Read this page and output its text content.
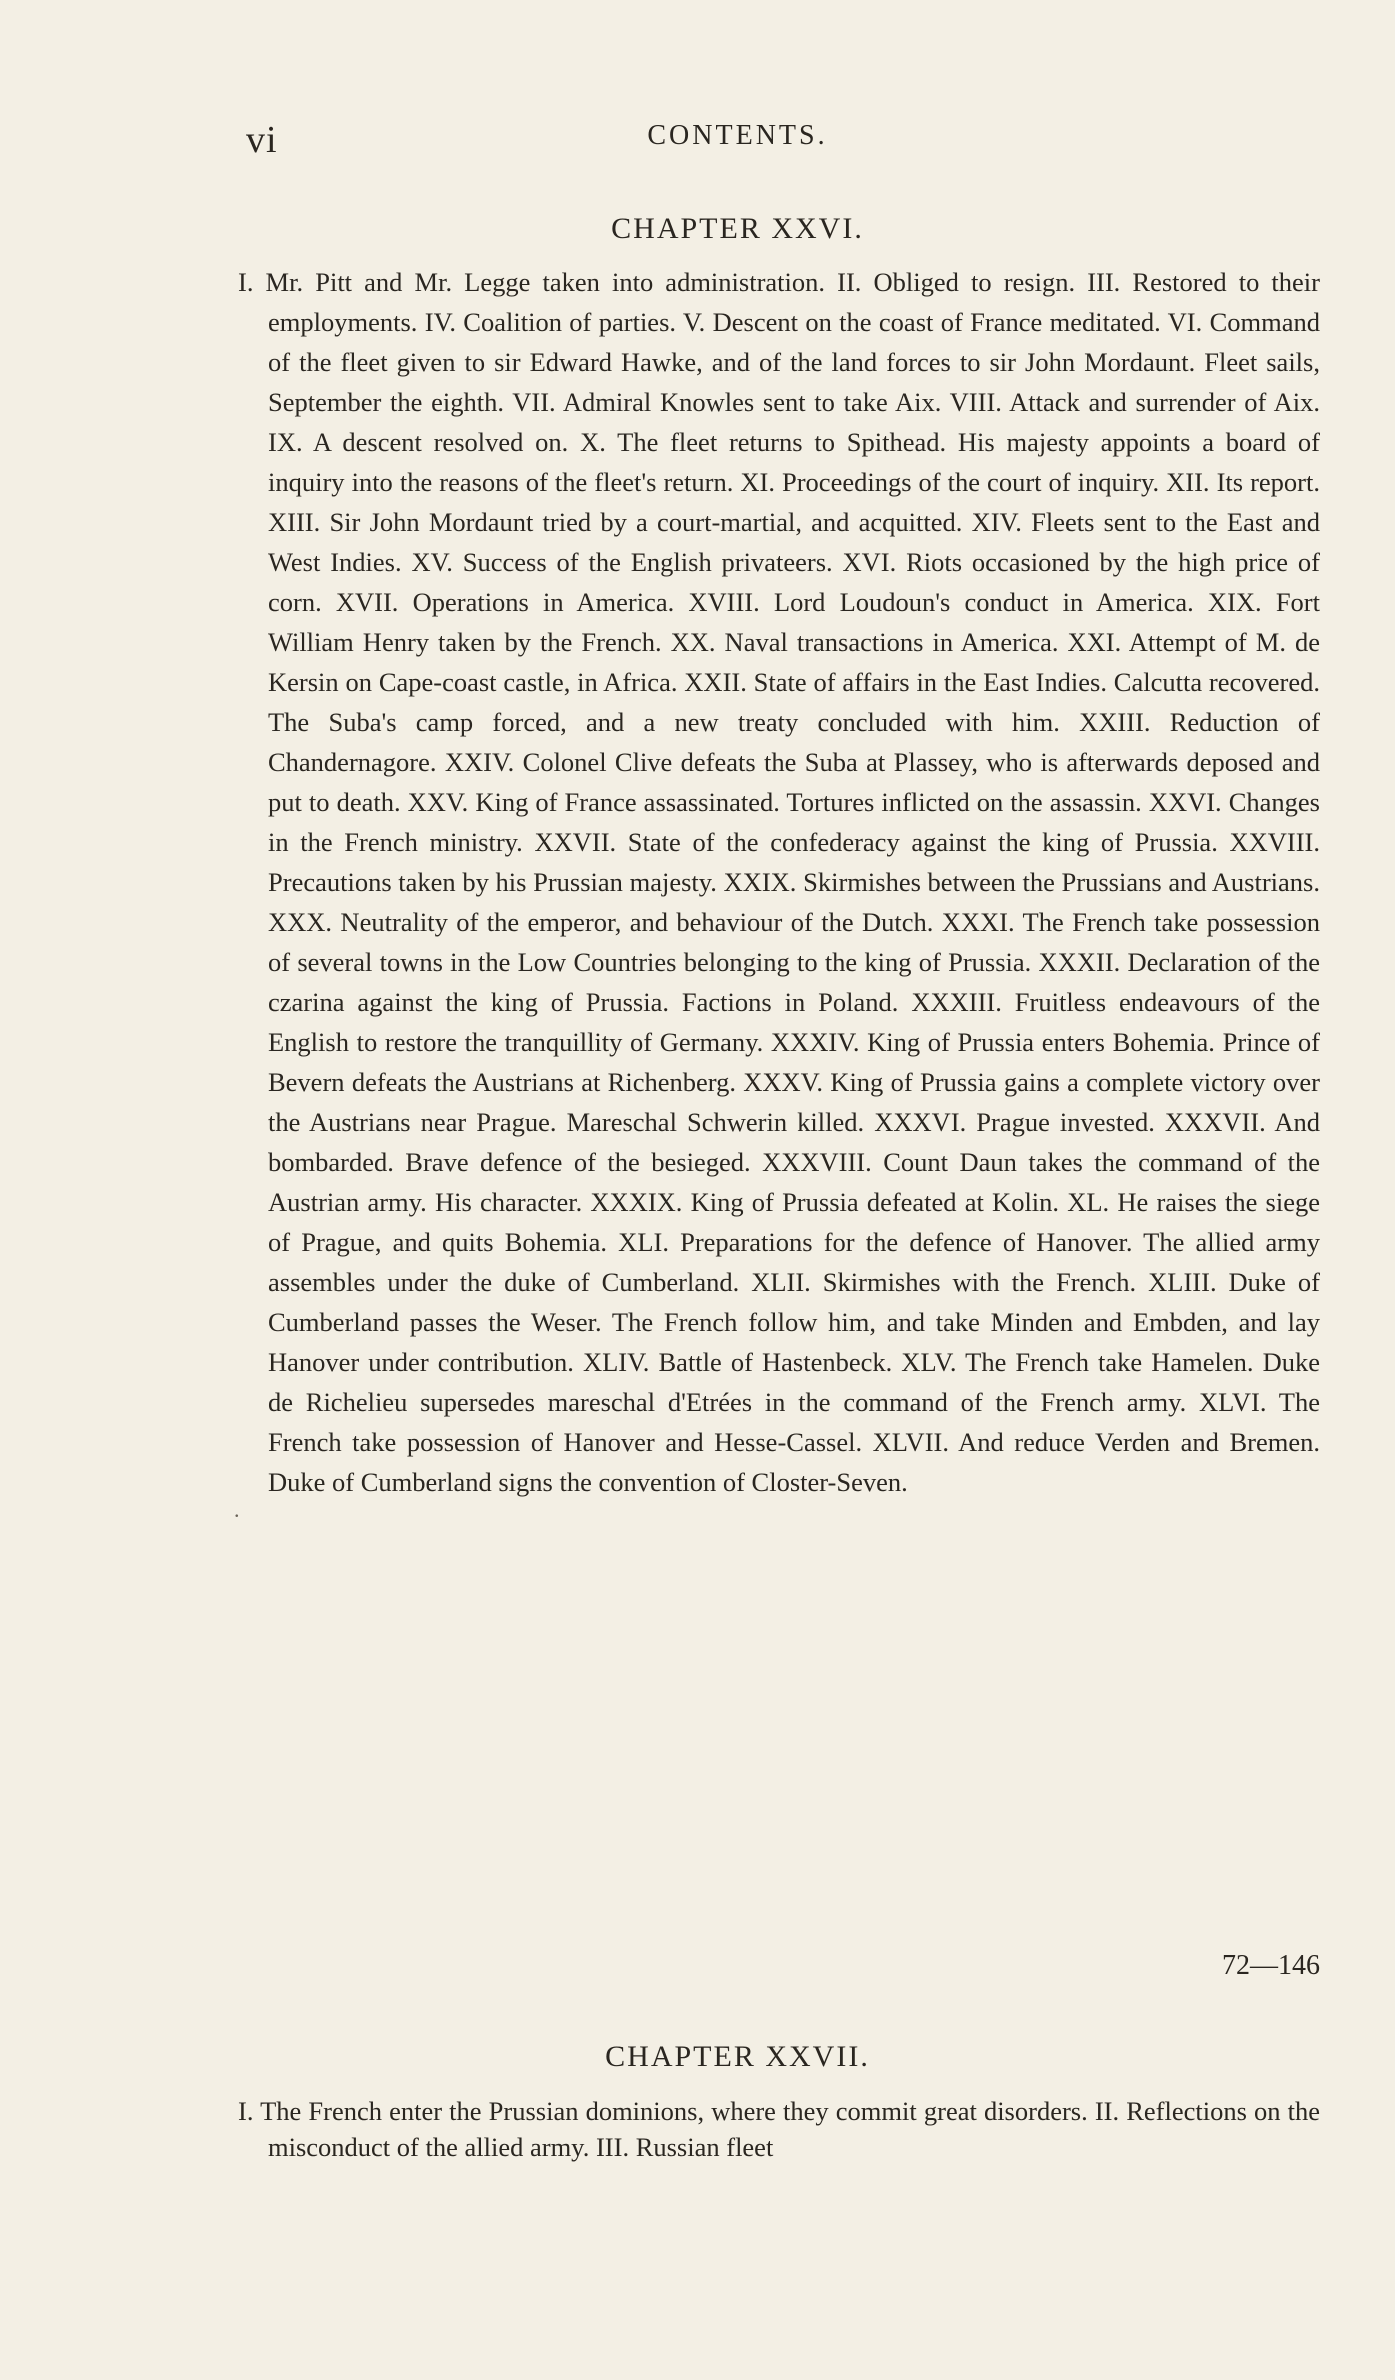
vi	CONTENTS.
CHAPTER XXVI.

I. Mr. Pitt and Mr. Legge taken into administration. II. Obliged to resign. III. Restored to their employments. IV. Coalition of parties. V. Descent on the coast of France meditated. VI. Command of the fleet given to sir Edward Hawke, and of the land forces to sir John Mordaunt. Fleet sails, September the eighth. VII. Admiral Knowles sent to take Aix. VIII. Attack and surrender of Aix. IX. A descent resolved on. X. The fleet returns to Spithead. His majesty appoints a board of inquiry into the reasons of the fleet's return. XI. Proceedings of the court of inquiry. XII. Its report. XIII. Sir John Mordaunt tried by a court-martial, and acquitted. XIV. Fleets sent to the East and West Indies. XV. Success of the English privateers. XVI. Riots occasioned by the high price of corn. XVII. Operations in America. XVIII. Lord Loudoun's conduct in America. XIX. Fort William Henry taken by the French. XX. Naval transactions in America. XXI. Attempt of M. de Kersin on Cape-coast castle, in Africa. XXII. State of affairs in the East Indies. Calcutta recovered. The Suba's camp forced, and a new treaty concluded with him. XXIII. Reduction of Chandernagore. XXIV. Colonel Clive defeats the Suba at Plassey, who is afterwards deposed and put to death. XXV. King of France assassinated. Tortures inflicted on the assassin. XXVI. Changes in the French ministry. XXVII. State of the confederacy against the king of Prussia. XXVIII. Precautions taken by his Prussian majesty. XXIX. Skirmishes between the Prussians and Austrians. XXX. Neutrality of the emperor, and behaviour of the Dutch. XXXI. The French take possession of several towns in the Low Countries belonging to the king of Prussia. XXXII. Declaration of the czarina against the king of Prussia. Factions in Poland. XXXIII. Fruitless endeavours of the English to restore the tranquillity of Germany. XXXIV. King of Prussia enters Bohemia. Prince of Bevern defeats the Austrians at Richenberg. XXXV. King of Prussia gains a complete victory over the Austrians near Prague. Mareschal Schwerin killed. XXXVI. Prague invested. XXXVII. And bombarded. Brave defence of the besieged. XXXVIII. Count Daun takes the command of the Austrian army. His character. XXXIX. King of Prussia defeated at Kolin. XL. He raises the siege of Prague, and quits Bohemia. XLI. Preparations for the defence of Hanover. The allied army assembles under the duke of Cumberland. XLII. Skirmishes with the French. XLIII. Duke of Cumberland passes the Weser. The French follow him, and take Minden and Embden, and lay Hanover under contribution. XLIV. Battle of Hastenbeck. XLV. The French take Hamelen. Duke de Richelieu supersedes mareschal d'Etrées in the command of the French army. XLVI. The French take possession of Hanover and Hesse-Cassel. XLVII. And reduce Verden and Bremen. Duke of Cumberland signs the convention of Closter-Seven.

.
72—146
CHAPTER XXVII.

I. The French enter the Prussian dominions, where they commit great disorders. II. Reflections on the misconduct of the allied army. III. Russian fleet
